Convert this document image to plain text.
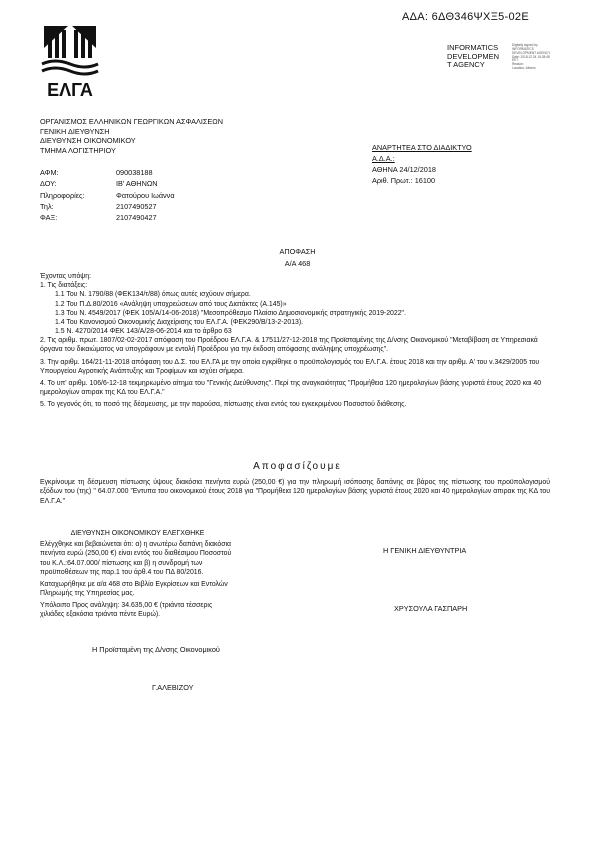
ΑΔΑ: 6ΔΘ346ΨΧΞ5-02Ε
ΕΛΓΑ
INFORMATICS
DEVELOPMEN
T AGENCY
Digitally signed by
INFORMATICS
DEVELOPMENT AGENCY
Date: 2018.12.24 15:28:48
EET
Reason:
Location: Athens
ΟΡΓΑΝΙΣΜΟΣ ΕΛΛΗΝΙΚΩΝ ΓΕΩΡΓΙΚΩΝ ΑΣΦΑΛΙΣΕΩΝ
ΓΕΝΙΚΗ ΔΙΕΥΘΥΝΣΗ
ΔΙΕΥΘΥΝΣΗ ΟΙΚΟΝΟΜΙΚΟΥ
ΤΜΗΜΑ ΛΟΓΙΣΤΗΡΙΟΥ
ΑΦΜ:	090038188
ΔΟΥ:	ΙΒ' ΑΘΗΝΩΝ
Πληροφορίες:	Φατούρου Ιωάννα
Τηλ:	2107490527
ΦΑΞ:	2107490427
ΑΝΑΡΤΗΤΕΑ ΣΤΟ ΔΙΑΔΙΚΤΥΟ
Α.Δ.Α.:
ΑΘΗΝΑ 24/12/2018
Αριθ. Πρωτ.: 16100
ΑΠΟΦΑΣΗ
Α/Α 468

Έχοντας υπόψη:

1. Τις διατάξεις:

1.1 Του Ν. 1790/88 (ΦΕΚ134/τ/88) όπως αυτές ισχύουν σήμερα.

1.2 Του Π.Δ.80/2016 «Ανάληψη υποχρεώσεων από τους Διατάκτες (Α.145)»

1.3 Του Ν. 4549/2017 (ΦΕΚ 105/Α/14-06-2018) "Μεσοπρόθεσμο Πλαίσιο Δημοσιονομικής στρατηγικής 2019-2022".

1.4 Του Κανονισμού Οικονομικής Διαχείρισης του ΕΛ.Γ.Α. (ΦΕΚ290/Β/13-2-2013).

1.5 Ν. 4270/2014 ΦΕΚ 143/Α/28-06-2014 και το άρθρο 63

2. Τις αριθμ. πρωτ. 1807/02-02-2017 απόφαση του Προέδρου ΕΛ.Γ.Α. & 17511/27-12-2018 της Προϊσταμένης της Δ/νσης Οικονομικού "Μεταβίβαση σε Υπηρεσιακά όργανα του δικαιώματος να υπογράφουν με εντολή Προέδρου για την έκδοση απόφασης ανάληψης υποχρέωσης".

3. Την αριθμ. 164/21-11-2018 απόφαση του Δ.Σ. του ΕΛ.ΓΑ με την οποία εγκρίθηκε ο προϋπολογισμός του ΕΛ.Γ.Α. έτους 2018 και την αριθμ. Α' του ν.3429/2005 του Υπουργείου Αγροτικής Ανάπτυξης και Τροφίμων και ισχύει σήμερα.

4. Το υπ' αριθμ. 106/6-12-18 τεκμηριωμένο αίτημα του "Γενικής Διεύθυνσης". Περί της αναγκαιότητας "Προμήθεια 120 ημερολογίων βάσης γυριστά έτους 2020 και 40 ημερολογίων απιρακ της ΚΔ του ΕΛ.Γ.Α."

5. Το γεγονός ότι, το ποσό της δέσμευσης, με την παρούσα, πίστωσης είναι εντός του εγκεκριμένου Ποσοστού διάθεσης.

Αποφασίζουμε
Εγκρίνουμε τη δέσμευση πίστωσης ύψους διακόσια πενήντα ευρώ (250,00 €) για την πληρωμή ισόποσης δαπάνης σε βάρος της πίστωσης του προϋπολογισμού εξόδων του (της) " 64.07.000 'Έντυπα του οικονομικού έτους 2018 για "Προμήθεια 120 ημερολογίων βάσης γυριστά έτους 2020 και 40 ημερολογίων απιρακ της ΚΔ του ΕΛ.Γ.Α."

ΔΙΕΥΘΥΝΣΗ ΟΙΚΟΝΟΜΙΚΟΥ ΕΛΕΓΧΘΗΚΕ

Ελέγχθηκε και βεβαιώνεται ότι: α) η ανωτέρω δαπάνη διακόσια πενήντα ευρώ (250,00 €) είναι εντός του διαθέσιμου Ποσοστού του Κ.Λ.:64.07.000/ πίστωσης και β) η συνδρομή των προϋποθέσεων της παρ.1 του άρθ.4 του ΠΔ 80/2016.

Καταχωρήθηκε με α/α 468 στο Βιβλίο Εγκρίσεων και Εντολών Πληρωμής της Υπηρεσίας μας.

Υπόλοιπο Προς ανάληψη: 34.635,00 € (τριάντα τέσσερις χιλιάδες εξακόσια τριάντα πέντε Ευρώ).

Η ΓΕΝΙΚΗ ΔΙΕΥΘΥΝΤΡΙΑ
ΧΡΥΣΟΥΛΑ ΓΑΣΠΑΡΗ
Η Προϊσταμένη της Δ/νσης Οικονομικού
Γ.ΑΛΕΒΙΖΟΥ
